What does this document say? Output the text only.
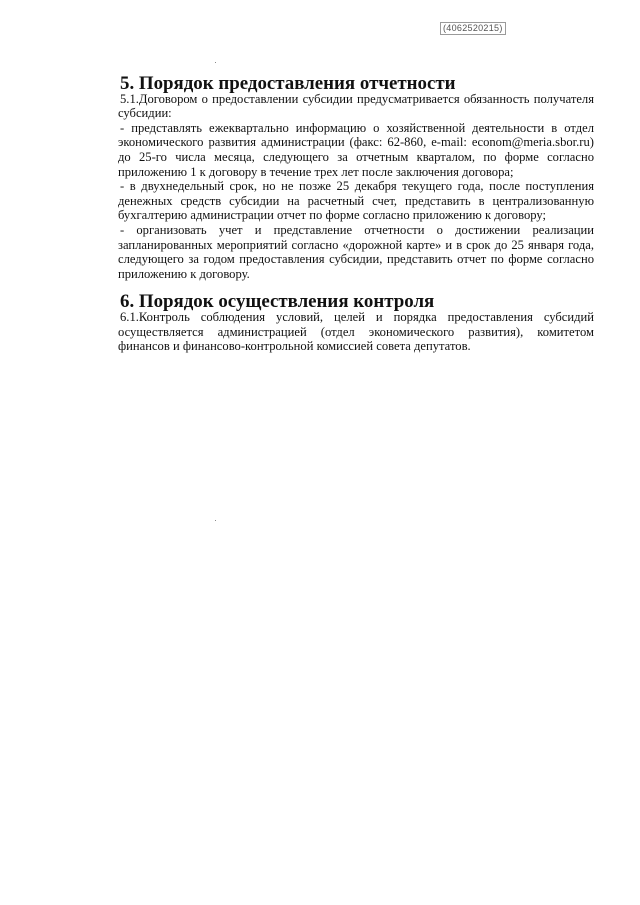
(4062520215)
5. Порядок предоставления отчетности

5.1.Договором о предоставлении субсидии предусматривается обязанность получателя субсидии:

- представлять ежеквартально информацию о хозяйственной деятельности в отдел экономического развития администрации (факс: 62-860, e-mail: econom@meria.sbor.ru) до 25-го числа месяца, следующего за отчетным кварталом, по форме согласно приложению 1 к договору в течение трех лет после заключения договора;

- в двухнедельный срок, но не позже 25 декабря текущего года, после поступления денежных средств субсидии на расчетный счет, представить в централизованную бухгалтерию администрации отчет по форме согласно приложению к договору;

- организовать учет и представление отчетности о достижении реализации запланированных мероприятий согласно «дорожной карте» и в срок до 25 января года, следующего за годом предоставления субсидии, представить отчет по форме согласно приложению к договору.

6. Порядок осуществления контроля

6.1.Контроль соблюдения условий, целей и порядка предоставления субсидий осуществляется администрацией (отдел экономического развития), комитетом финансов и финансово-контрольной комиссией совета депутатов.
